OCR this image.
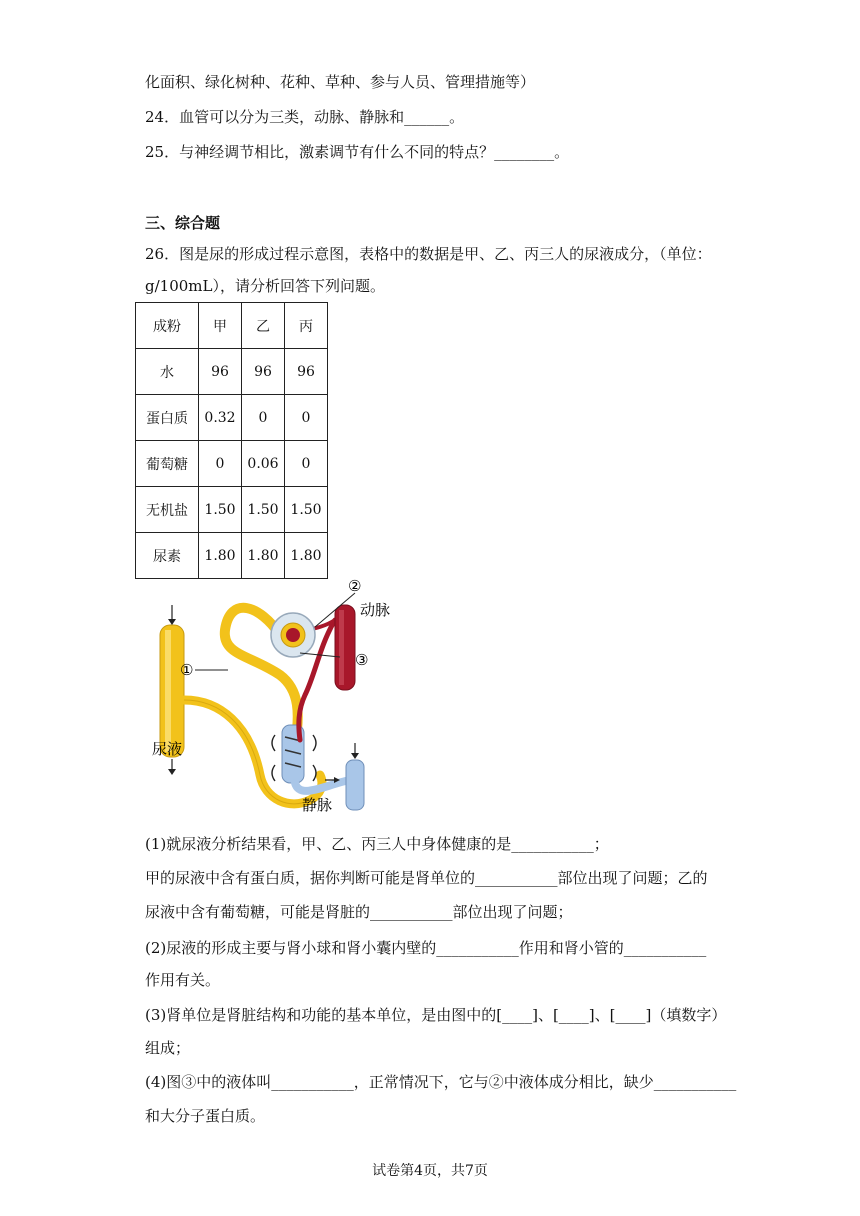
化面积、绿化树种、花种、草种、参与人员、管理措施等）
24．血管可以分为三类，动脉、静脉和______。
25．与神经调节相比，激素调节有什么不同的特点？________。
三、综合题
26．图是尿的形成过程示意图，表格中的数据是甲、乙、丙三人的尿液成分，（单位：
g/100mL），请分析回答下列问题。
成粉	甲	乙	丙
水	96	96	96
蛋白质	0.32	0	0
葡萄糖	0	0.06	0
无机盐	1.50	1.50	1.50
尿素	1.80	1.80	1.80
①
②
动脉
③
尿液
静脉
(1)就尿液分析结果看，甲、乙、丙三人中身体健康的是___________；
甲的尿液中含有蛋白质，据你判断可能是肾单位的___________部位出现了问题；乙的
尿液中含有葡萄糖，可能是肾脏的___________部位出现了问题；
(2)尿液的形成主要与肾小球和肾小囊内壁的___________作用和肾小管的___________
作用有关。
(3)肾单位是肾脏结构和功能的基本单位，是由图中的[____]、[____]、[____]（填数字）
组成；
(4)图③中的液体叫___________，正常情况下，它与②中液体成分相比，缺少___________
和大分子蛋白质。
试卷第4页，共7页
